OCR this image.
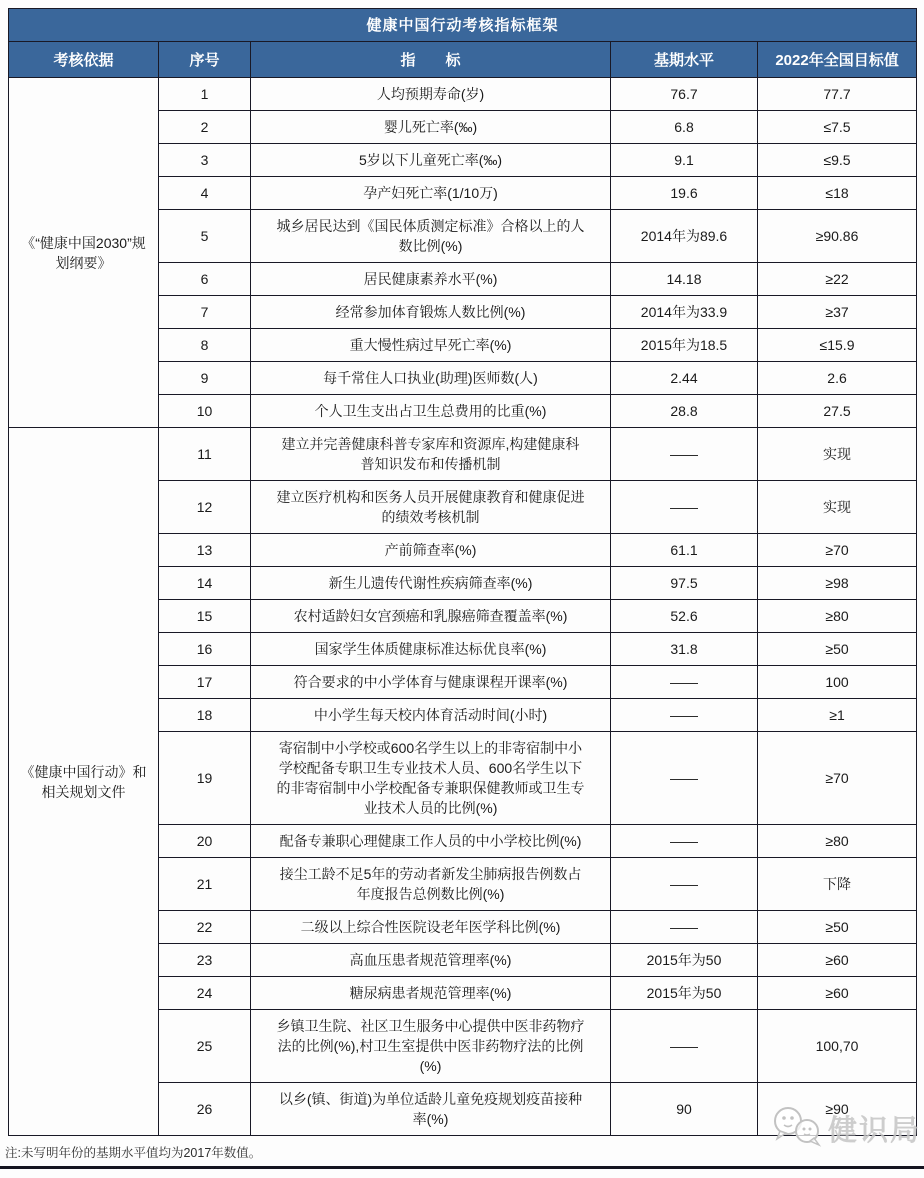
健康中国行动考核指标框架				
考核依据	序号	指　　标	基期水平	2022年全国目标值
《“健康中国2030”规划纲要》	1	人均预期寿命(岁)	76.7	77.7
	2	婴儿死亡率(‰)	6.8	≤7.5
	3	5岁以下儿童死亡率(‰)	9.1	≤9.5
	4	孕产妇死亡率(1/10万)	19.6	≤18
	5	城乡居民达到《国民体质测定标准》合格以上的人数比例(%)	2014年为89.6	≥90.86
	6	居民健康素养水平(%)	14.18	≥22
	7	经常参加体育锻炼人数比例(%)	2014年为33.9	≥37
	8	重大慢性病过早死亡率(%)	2015年为18.5	≤15.9
	9	每千常住人口执业(助理)医师数(人)	2.44	2.6
	10	个人卫生支出占卫生总费用的比重(%)	28.8	27.5
《健康中国行动》和相关规划文件	11	建立并完善健康科普专家库和资源库,构建健康科普知识发布和传播机制	——	实现
	12	建立医疗机构和医务人员开展健康教育和健康促进的绩效考核机制	——	实现
	13	产前筛查率(%)	61.1	≥70
	14	新生儿遗传代谢性疾病筛查率(%)	97.5	≥98
	15	农村适龄妇女宫颈癌和乳腺癌筛查覆盖率(%)	52.6	≥80
	16	国家学生体质健康标准达标优良率(%)	31.8	≥50
	17	符合要求的中小学体育与健康课程开课率(%)	——	100
	18	中小学生每天校内体育活动时间(小时)	——	≥1
	19	寄宿制中小学校或600名学生以上的非寄宿制中小学校配备专职卫生专业技术人员、600名学生以下的非寄宿制中小学校配备专兼职保健教师或卫生专业技术人员的比例(%)	——	≥70
	20	配备专兼职心理健康工作人员的中小学校比例(%)	——	≥80
	21	接尘工龄不足5年的劳动者新发尘肺病报告例数占年度报告总例数比例(%)	——	下降
	22	二级以上综合性医院设老年医学科比例(%)	——	≥50
	23	高血压患者规范管理率(%)	2015年为50	≥60
	24	糖尿病患者规范管理率(%)	2015年为50	≥60
	25	乡镇卫生院、社区卫生服务中心提供中医非药物疗法的比例(%),村卫生室提供中医非药物疗法的比例(%)	——	100,70
	26	以乡(镇、街道)为单位适龄儿童免疫规划疫苗接种率(%)	90	≥90
注:未写明年份的基期水平值均为2017年数值。
健识局
